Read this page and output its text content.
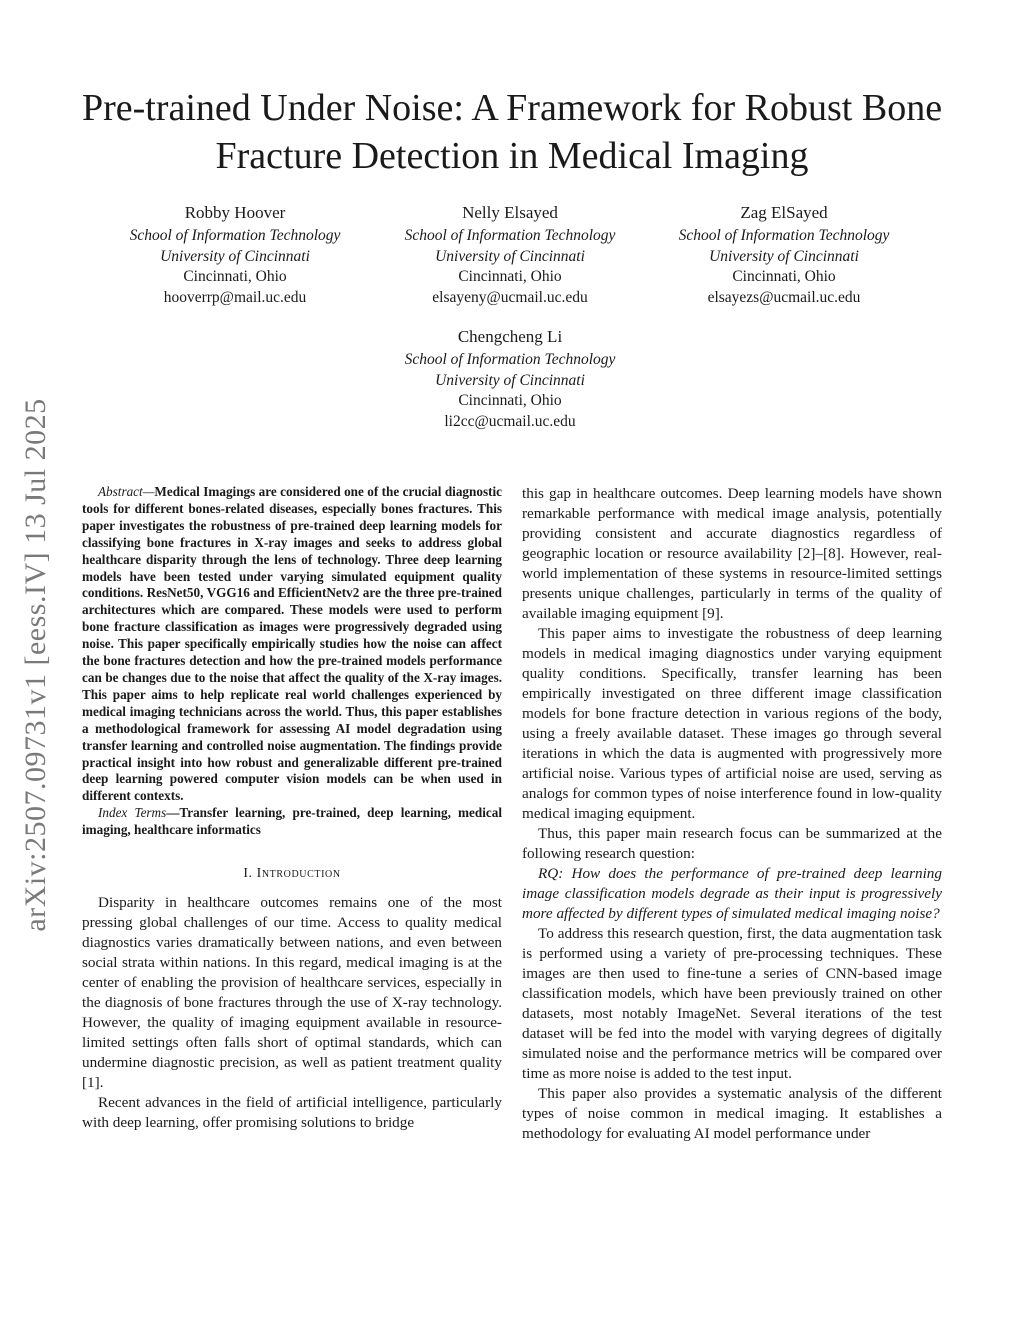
arXiv:2507.09731v1 [eess.IV] 13 Jul 2025
Pre-trained Under Noise: A Framework for Robust Bone Fracture Detection in Medical Imaging
Robby Hoover
School of Information Technology
University of Cincinnati
Cincinnati, Ohio
hooverrp@mail.uc.edu
Nelly Elsayed
School of Information Technology
University of Cincinnati
Cincinnati, Ohio
elsayeny@ucmail.uc.edu
Zag ElSayed
School of Information Technology
University of Cincinnati
Cincinnati, Ohio
elsayezs@ucmail.uc.edu
Chengcheng Li
School of Information Technology
University of Cincinnati
Cincinnati, Ohio
li2cc@ucmail.uc.edu

Abstract—Medical Imagings are considered one of the crucial diagnostic tools for different bones-related diseases, especially bones fractures. This paper investigates the robustness of pre-trained deep learning models for classifying bone fractures in X-ray images and seeks to address global healthcare disparity through the lens of technology. Three deep learning models have been tested under varying simulated equipment quality conditions. ResNet50, VGG16 and EfficientNetv2 are the three pre-trained architectures which are compared. These models were used to perform bone fracture classification as images were progressively degraded using noise. This paper specifically empirically studies how the noise can affect the bone fractures detection and how the pre-trained models performance can be changes due to the noise that affect the quality of the X-ray images. This paper aims to help replicate real world challenges experienced by medical imaging technicians across the world. Thus, this paper establishes a methodological framework for assessing AI model degradation using transfer learning and controlled noise augmentation. The findings provide practical insight into how robust and generalizable different pre-trained deep learning powered computer vision models can be when used in different contexts.

Index Terms—Transfer learning, pre-trained, deep learning, medical imaging, healthcare informatics

I. Introduction

Disparity in healthcare outcomes remains one of the most pressing global challenges of our time. Access to quality medical diagnostics varies dramatically between nations, and even between social strata within nations. In this regard, medical imaging is at the center of enabling the provision of healthcare services, especially in the diagnosis of bone fractures through the use of X-ray technology. However, the quality of imaging equipment available in resource-limited settings often falls short of optimal standards, which can undermine diagnostic precision, as well as patient treatment quality [1].

Recent advances in the field of artificial intelligence, particularly with deep learning, offer promising solutions to bridge

this gap in healthcare outcomes. Deep learning models have shown remarkable performance with medical image analysis, potentially providing consistent and accurate diagnostics regardless of geographic location or resource availability [2]–[8]. However, real-world implementation of these systems in resource-limited settings presents unique challenges, particularly in terms of the quality of available imaging equipment [9].

This paper aims to investigate the robustness of deep learning models in medical imaging diagnostics under varying equipment quality conditions. Specifically, transfer learning has been empirically investigated on three different image classification models for bone fracture detection in various regions of the body, using a freely available dataset. These images go through several iterations in which the data is augmented with progressively more artificial noise. Various types of artificial noise are used, serving as analogs for common types of noise interference found in low-quality medical imaging equipment.

Thus, this paper main research focus can be summarized at the following research question:

RQ: How does the performance of pre-trained deep learning image classification models degrade as their input is progressively more affected by different types of simulated medical imaging noise?

To address this research question, first, the data augmentation task is performed using a variety of pre-processing techniques. These images are then used to fine-tune a series of CNN-based image classification models, which have been previously trained on other datasets, most notably ImageNet. Several iterations of the test dataset will be fed into the model with varying degrees of digitally simulated noise and the performance metrics will be compared over time as more noise is added to the test input.

This paper also provides a systematic analysis of the different types of noise common in medical imaging. It establishes a methodology for evaluating AI model performance under
